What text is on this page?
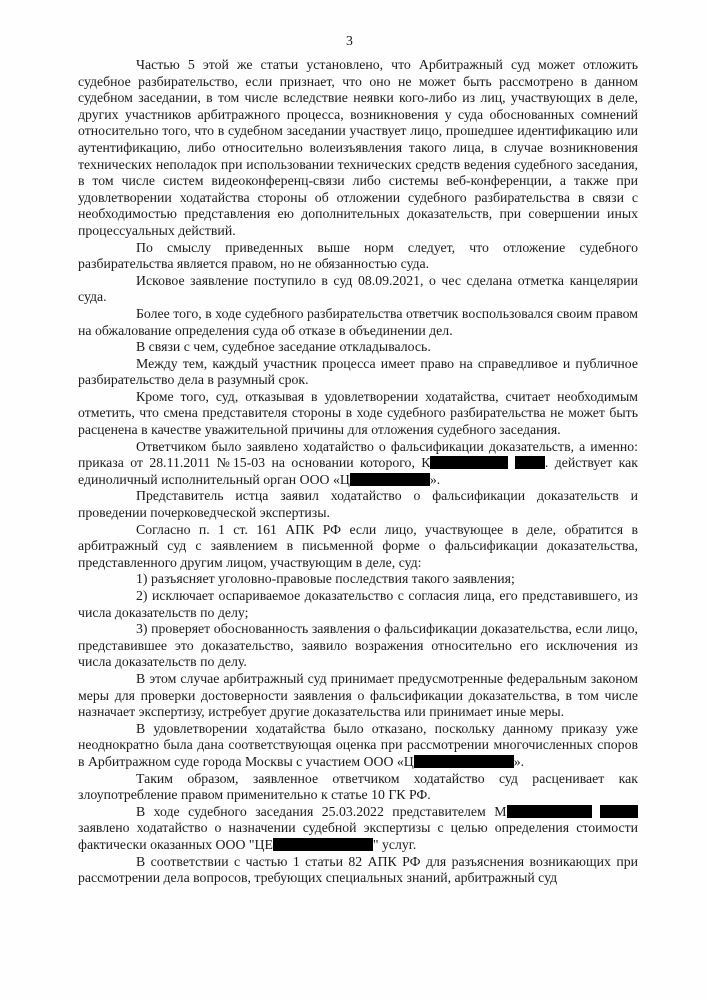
3

Частью 5 этой же статьи установлено, что Арбитражный суд может отложить судебное разбирательство, если признает, что оно не может быть рассмотрено в данном судебном заседании, в том числе вследствие неявки кого-либо из лиц, участвующих в деле, других участников арбитражного процесса, возникновения у суда обоснованных сомнений относительно того, что в судебном заседании участвует лицо, прошедшее идентификацию или аутентификацию, либо относительно волеизъявления такого лица, в случае возникновения технических неполадок при использовании технических средств ведения судебного заседания, в том числе систем видеоконференц-связи либо системы веб-конференции, а также при удовлетворении ходатайства стороны об отложении судебного разбирательства в связи с необходимостью представления ею дополнительных доказательств, при совершении иных процессуальных действий.

По смыслу приведенных выше норм следует, что отложение судебного разбирательства является правом, но не обязанностью суда.

Исковое заявление поступило в суд 08.09.2021, о чес сделана отметка канцелярии суда.

Более того, в ходе судебного разбирательства ответчик воспользовался своим правом на обжалование определения суда об отказе в объединении дел.

В связи с чем, судебное заседание откладывалось.

Между тем, каждый участник процесса имеет право на справедливое и публичное разбирательство дела в разумный срок.

Кроме того, суд, отказывая в удовлетворении ходатайства, считает необходимым отметить, что смена представителя стороны в ходе судебного разбирательства не может быть расценена в качестве уважительной причины для отложения судебного заседания.

Ответчиком было заявлено ходатайство о фальсификации доказательств, а именно: приказа от 28.11.2011 №15-03 на основании которого, К	. действует как единоличный исполнительный орган ООО «Ц	».

Представитель истца заявил ходатайство о фальсификации доказательств и проведении почерковедческой экспертизы.

Согласно п. 1 ст. 161 АПК РФ если лицо, участвующее в деле, обратится в арбитражный суд с заявлением в письменной форме о фальсификации доказательства, представленного другим лицом, участвующим в деле, суд:

1) разъясняет уголовно-правовые последствия такого заявления;

2) исключает оспариваемое доказательство с согласия лица, его представившего, из числа доказательств по делу;

3) проверяет обоснованность заявления о фальсификации доказательства, если лицо, представившее это доказательство, заявило возражения относительно его исключения из числа доказательств по делу.

В этом случае арбитражный суд принимает предусмотренные федеральным законом меры для проверки достоверности заявления о фальсификации доказательства, в том числе назначает экспертизу, истребует другие доказательства или принимает иные меры.

В удовлетворении ходатайства было отказано, поскольку данному приказу уже неоднократно была дана соответствующая оценка при рассмотрении многочисленных споров в Арбитражном суде города Москвы с участием ООО «Ц	».

Таким образом, заявленное ответчиком ходатайство суд расценивает как злоупотребление правом применительно к статье 10 ГК РФ.

В ходе судебного заседания 25.03.2022 представителем М  заявлено ходатайство о назначении судебной экспертизы с целью определения стоимости фактически оказанных ООО "ЦЕ	" услуг.

В соответствии с частью 1 статьи 82 АПК РФ для разъяснения возникающих при рассмотрении дела вопросов, требующих специальных знаний, арбитражный суд
